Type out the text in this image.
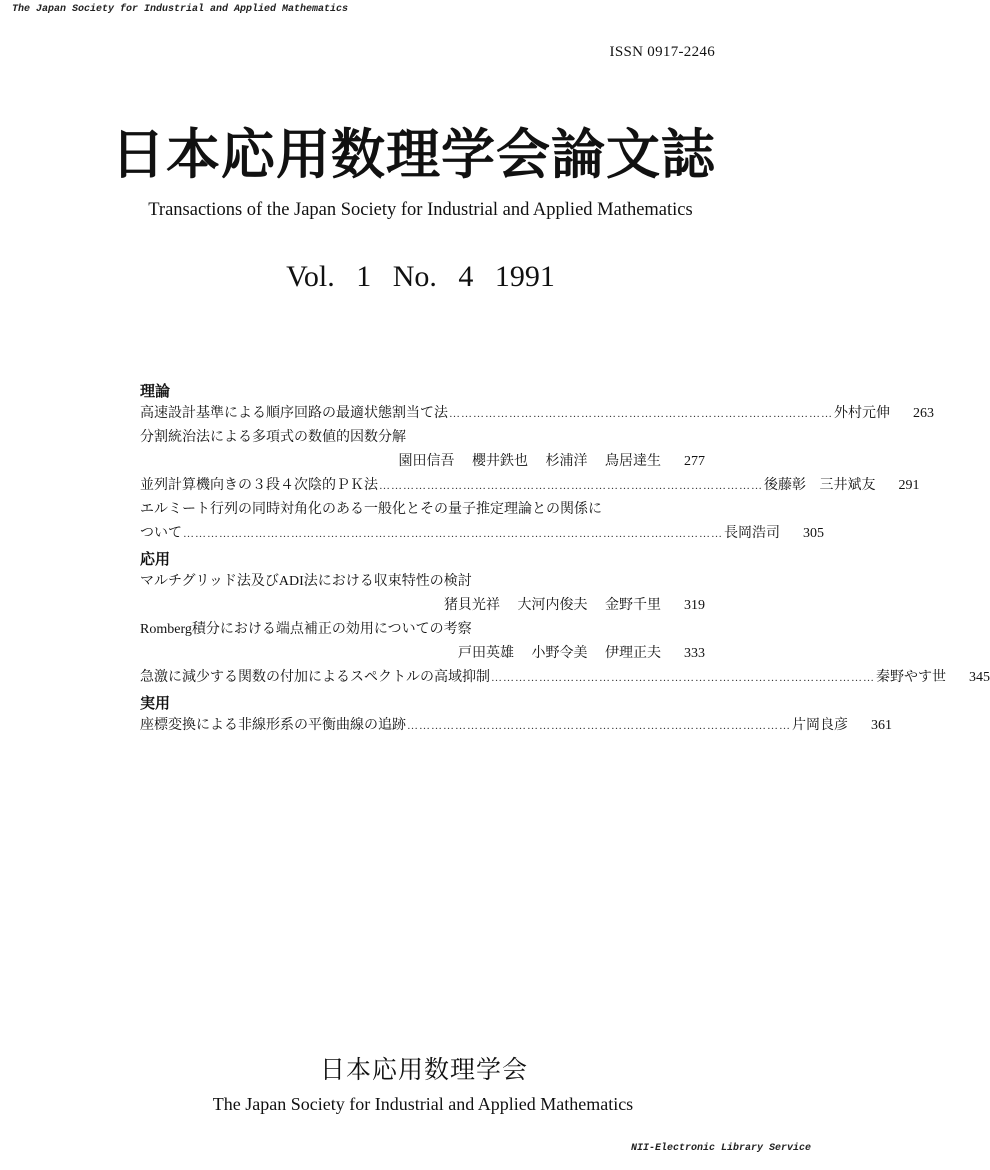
The Japan Society for Industrial and Applied Mathematics
ISSN 0917-2246
日本応用数理学会論文誌
Transactions of the Japan Society for Industrial and Applied Mathematics
Vol. 1 No. 4 1991
理論
高速設計基準による順序回路の最適状態割当て法 …………………………………………………………………………………… 外村元伸	263
分割統治法による多項式の数値的因数分解
園田信吾 櫻井鉄也 杉浦洋 鳥居達生	277
並列計算機向きの３段４次陰的ＰＫ法 …………………………………………………………………………………… 後藤彰 三井斌友	291
エルミート行列の同時対角化のある一般化とその量子推定理論との関係に
ついて ……………………………………………………………………………………………………………………… 長岡浩司	305
応用
マルチグリッド法及びADI法における収束特性の検討
猪貝光祥 大河内俊夫 金野千里	319
Romberg積分における端点補正の効用についての考察
戸田英雄 小野令美 伊理正夫	333
急激に減少する関数の付加によるスペクトルの高域抑制 …………………………………………………………………………………… 秦野やす世	345
実用
座標変換による非線形系の平衡曲線の追跡 …………………………………………………………………………………… 片岡良彦	361
日本応用数理学会
The Japan Society for Industrial and Applied Mathematics
NII-Electronic Library Service
